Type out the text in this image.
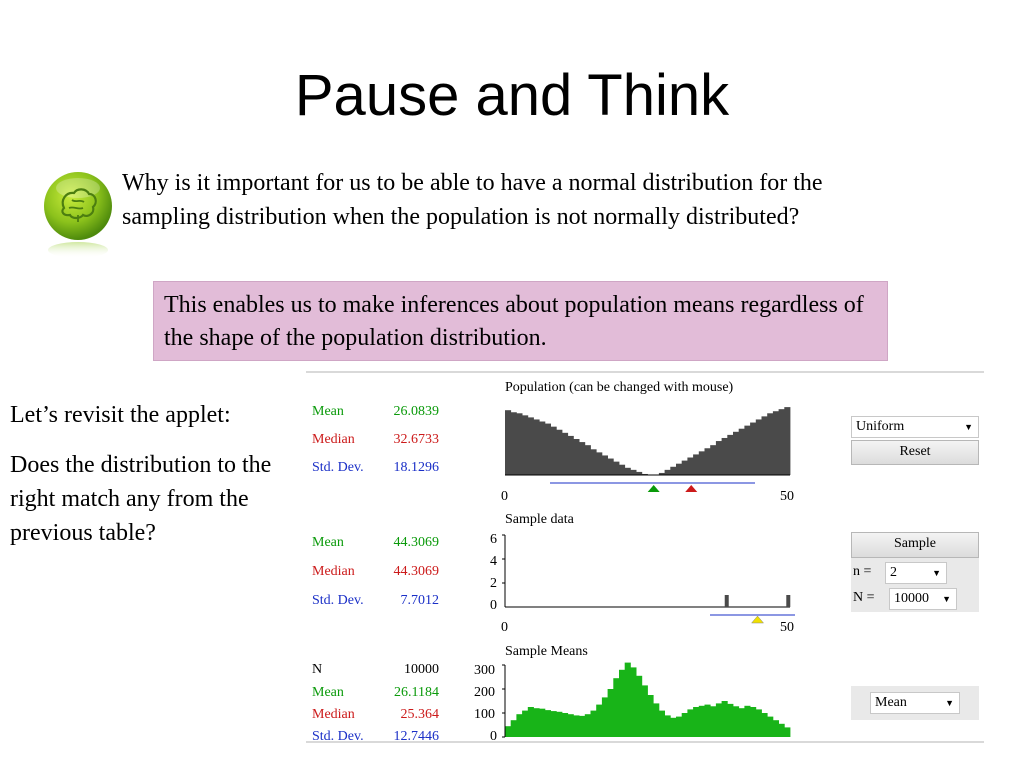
Pause and Think
Why is it important for us to be able to have a normal distribution for the sampling distribution when the population is not normally distributed?
This enables us to make inferences about population means regardless of the shape of the population distribution.

Let’s revisit the applet:

Does the distribution to the right match any from the previous table?

Mean	26.0839
Median	32.6733
Std. Dev. 18.1296
Population (can be changed with mouse)
0	50
Mean	44.3069
Median	44.3069
Std. Dev.	7.7012
Sample data
6
4
2
0
0	50
N	10000
Mean	26.1184
Median	25.364
Std. Dev. 12.7446
Sample Means
300
200
100
0
Uniform	▼
Reset
Sample
n =	2	▼
N =	10000 ▼
Mean	▼
